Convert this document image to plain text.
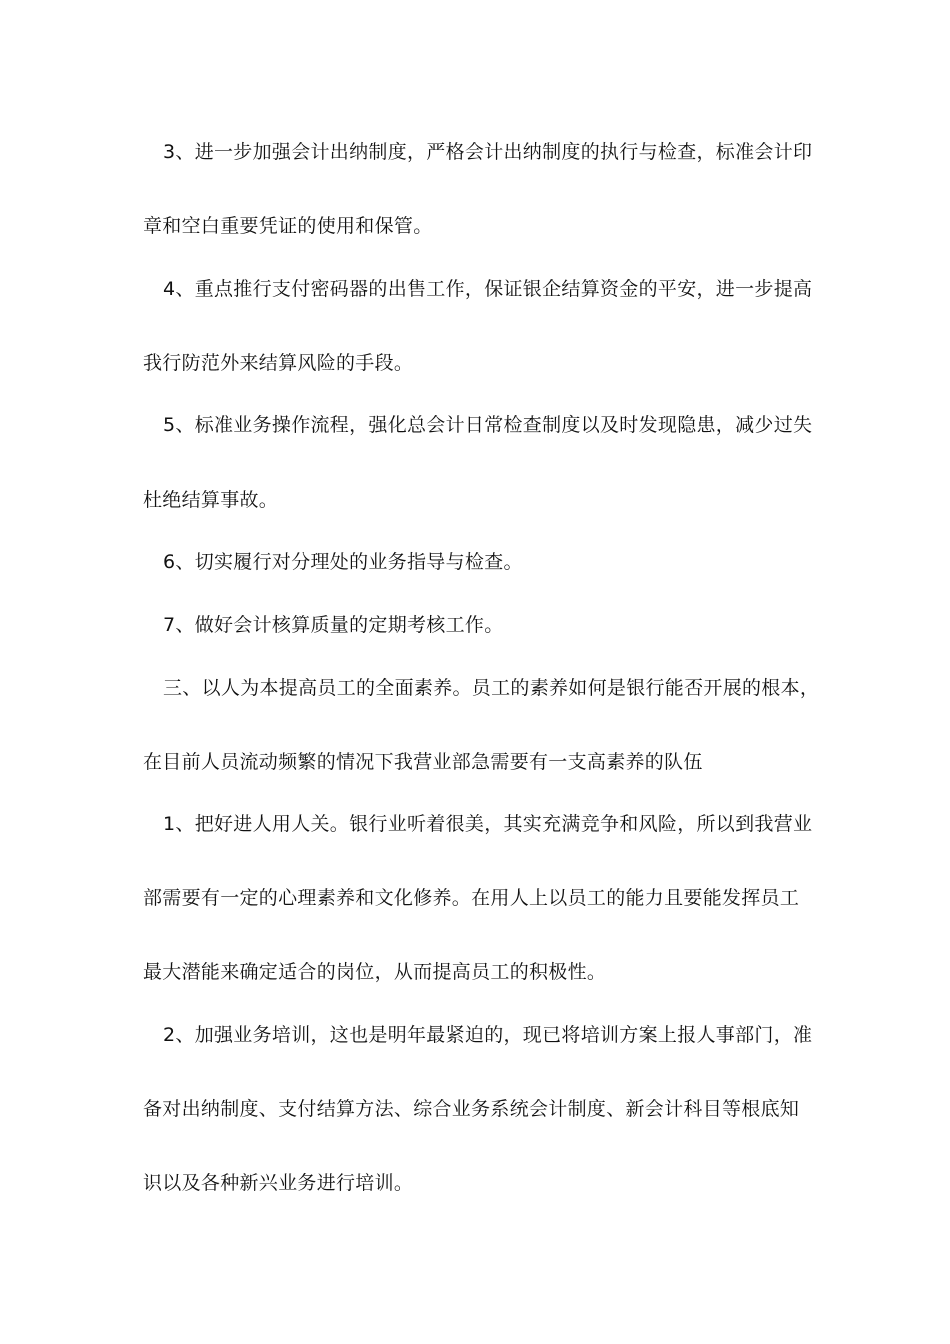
3、进一步加强会计出纳制度，严格会计出纳制度的执行与检查，标准会计印
章和空白重要凭证的使用和保管。
4、重点推行支付密码器的出售工作，保证银企结算资金的平安，进一步提高
我行防范外来结算风险的手段。
5、标准业务操作流程，强化总会计日常检查制度以及时发现隐患，减少过失
杜绝结算事故。
6、切实履行对分理处的业务指导与检查。
7、做好会计核算质量的定期考核工作。
三、以人为本提高员工的全面素养。员工的素养如何是银行能否开展的根本，
在目前人员流动频繁的情况下我营业部急需要有一支高素养的队伍
1、把好进人用人关。银行业听着很美，其实充满竞争和风险，所以到我营业
部需要有一定的心理素养和文化修养。在用人上以员工的能力且要能发挥员工
最大潜能来确定适合的岗位，从而提高员工的积极性。
2、加强业务培训，这也是明年最紧迫的，现已将培训方案上报人事部门，准
备对出纳制度、支付结算方法、综合业务系统会计制度、新会计科目等根底知
识以及各种新兴业务进行培训。
